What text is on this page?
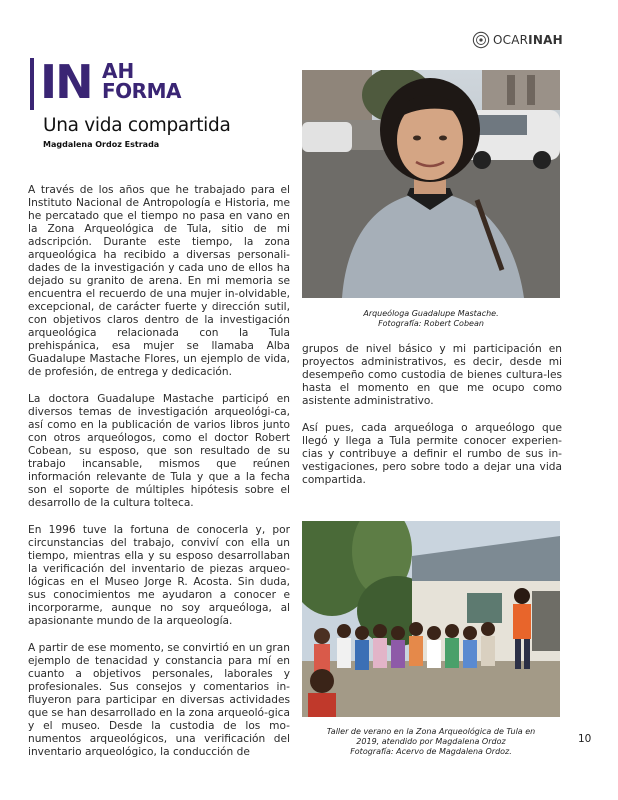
OCARINAH
IN AH
FORMA
Una vida compartida
Magdalena Ordoz Estrada

A través de los años que he trabajado para el Instituto Nacional de Antropología e Historia, me he percatado que el tiempo no pasa en vano en la Zona Arqueológica de Tula, sitio de mi adscripción. Durante este tiempo, la zona arqueológica ha recibido a diversas personali-dades de la investigación y cada uno de ellos ha dejado su granito de arena. En mi memoria se encuentra el recuerdo de una mujer in-olvidable, excepcional, de carácter fuerte y dirección sutil, con objetivos claros dentro de la investigación arqueológica relacionada con la Tula prehispánica, esa mujer se llamaba Alba Guadalupe Mastache Flores, un ejemplo de vida, de profesión, de entrega y dedicación.

La doctora Guadalupe Mastache participó en diversos temas de investigación arqueológi-ca, así como en la publicación de varios libros junto con otros arqueólogos, como el doctor Robert Cobean, su esposo, que son resultado de su trabajo incansable, mismos que reúnen información relevante de Tula y que a la fecha son el soporte de múltiples hipótesis sobre el desarrollo de la cultura tolteca.

En 1996 tuve la fortuna de conocerla y, por circunstancias del trabajo, conviví con ella un tiempo, mientras ella y su esposo desarrollaban la verificación del inventario de piezas arqueo-lógicas en el Museo Jorge R. Acosta. Sin duda, sus conocimientos me ayudaron a conocer e incorporarme, aunque no soy arqueóloga, al apasionante mundo de la arqueología.

A partir de ese momento, se convirtió en un gran ejemplo de tenacidad y constancia para mí en cuanto a objetivos personales, laborales y profesionales. Sus consejos y comentarios in-fluyeron para participar en diversas actividades que se han desarrollado en la zona arqueoló-gica y el museo. Desde la custodia de los mo-numentos arqueológicos, una verificación del inventario arqueológico, la conducción de

Arqueóloga Guadalupe Mastache.
Fotografía: Robert Cobean

grupos de nivel básico y mi participación en proyectos administrativos, es decir, desde mi desempeño como custodia de bienes cultura-les hasta el momento en que me ocupo como asistente administrativo.

Así pues, cada arqueóloga o arqueólogo que llegó y llega a Tula permite conocer experien-cias y contribuye a definir el rumbo de sus in-vestigaciones, pero sobre todo a dejar una vida compartida.

Taller de verano en la Zona Arqueológica de Tula en
2019, atendido por Magdalena Ordoz
Fotografía: Acervo de Magdalena Ordoz.
10
